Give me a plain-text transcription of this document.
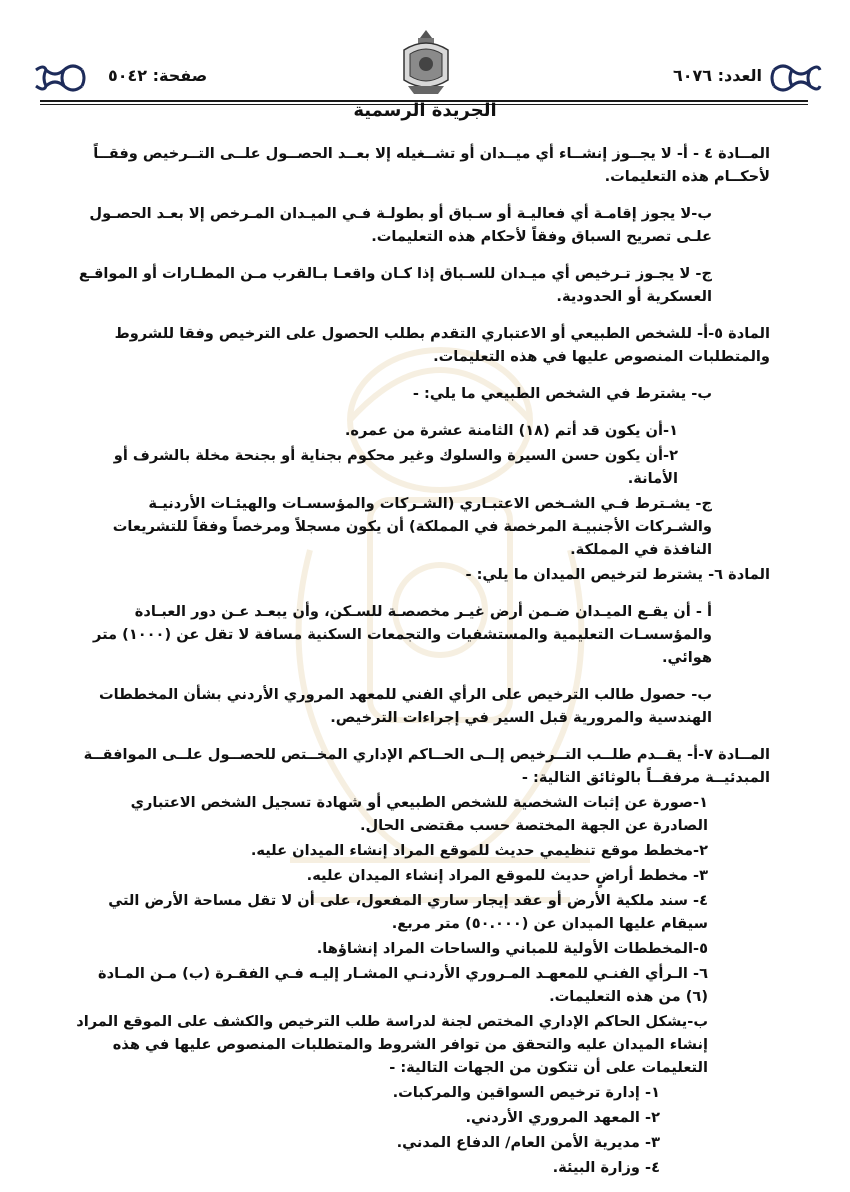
العدد: ٦٠٧٦
صفحة: ٥٠٤٢
الجريدة الرسمية

المــادة ٤ - أ- لا يجــوز إنشــاء أي ميــدان أو تشــغيله إلا بعــد الحصــول علــى التــرخيص وفقــاً لأحكــام هذه التعليمات.

ب-لا يجوز إقامـة أي فعاليـة أو سـباق أو بطولـة فـي الميـدان المـرخص إلا بعـد الحصـول علـى تصريح السباق وفقاً لأحكام هذه التعليمات.

ج- لا يجـوز تـرخيص أي ميـدان للسـباق إذا كـان واقعـا بـالقرب مـن المطـارات أو المواقـع العسكرية أو الحدودية.

المادة ٥-أ- للشخص الطبيعي أو الاعتباري التقدم بطلب الحصول على الترخيص وفقا للشروط والمتطلبات المنصوص عليها في هذه التعليمات.

ب- يشترط في الشخص الطبيعي ما يلي: -

١-أن يكون قد أتم (١٨) الثامنة عشرة من عمره.

٢-أن يكون حسن السيرة والسلوك وغير محكوم بجناية أو بجنحة مخلة بالشرف أو الأمانة.

ج- يشـترط فـي الشـخص الاعتبـاري (الشـركات والمؤسسـات والهيئـات الأردنيـة والشـركات الأجنبيـة المرخصة في المملكة) أن يكون مسجلاً ومرخصاً وفقاً للتشريعات النافذة في المملكة.

المادة ٦- يشترط لترخيص الميدان ما يلي: -

أ - أن يقـع الميـدان ضـمن أرض غيـر مخصصـة للسـكن، وأن يبعـد عـن دور العبـادة والمؤسسـات التعليمية والمستشفيات والتجمعات السكنية مسافة لا تقل عن (١٠٠٠) متر هوائي.

ب- حصول طالب الترخيص على الرأي الفني للمعهد المروري الأردني بشأن المخططات الهندسية والمرورية قبل السير في إجراءات الترخيص.

المــادة ٧-أ- يقــدم طلــب التــرخيص إلــى الحــاكم الإداري المخــتص للحصــول علــى الموافقــة المبدئيــة مرفقــاً بالوثائق التالية: -

١-صورة عن إثبات الشخصية للشخص الطبيعي أو شهادة تسجيل الشخص الاعتباري الصادرة عن الجهة المختصة حسب مقتضى الحال.

٢-مخطط موقع تنظيمي حديث للموقع المراد إنشاء الميدان عليه.

٣- مخطط أراضٍ حديث للموقع المراد إنشاء الميدان عليه.

٤- سند ملكية الأرض أو عقد إيجار ساري المفعول، على أن لا تقل مساحة الأرض التي سيقام عليها الميدان عن (٥٠.٠٠٠) متر مربع.

٥-المخططات الأولية للمباني والساحات المراد إنشاؤها.

٦- الـرأي الفنـي للمعهـد المـروري الأردنـي المشـار إليـه فـي الفقـرة (ب) مـن المـادة (٦) من هذه التعليمات.

ب-يشكل الحاكم الإداري المختص لجنة لدراسة طلب الترخيص والكشف على الموقع المراد إنشاء الميدان عليه والتحقق من توافر الشروط والمتطلبات المنصوص عليها في هذه التعليمات على أن تتكون من الجهات التالية: -

١- إدارة ترخيص السواقين والمركبات.

٢- المعهد المروري الأردني.

٣- مديرية الأمن العام/ الدفاع المدني.

٤- وزارة البيئة.
